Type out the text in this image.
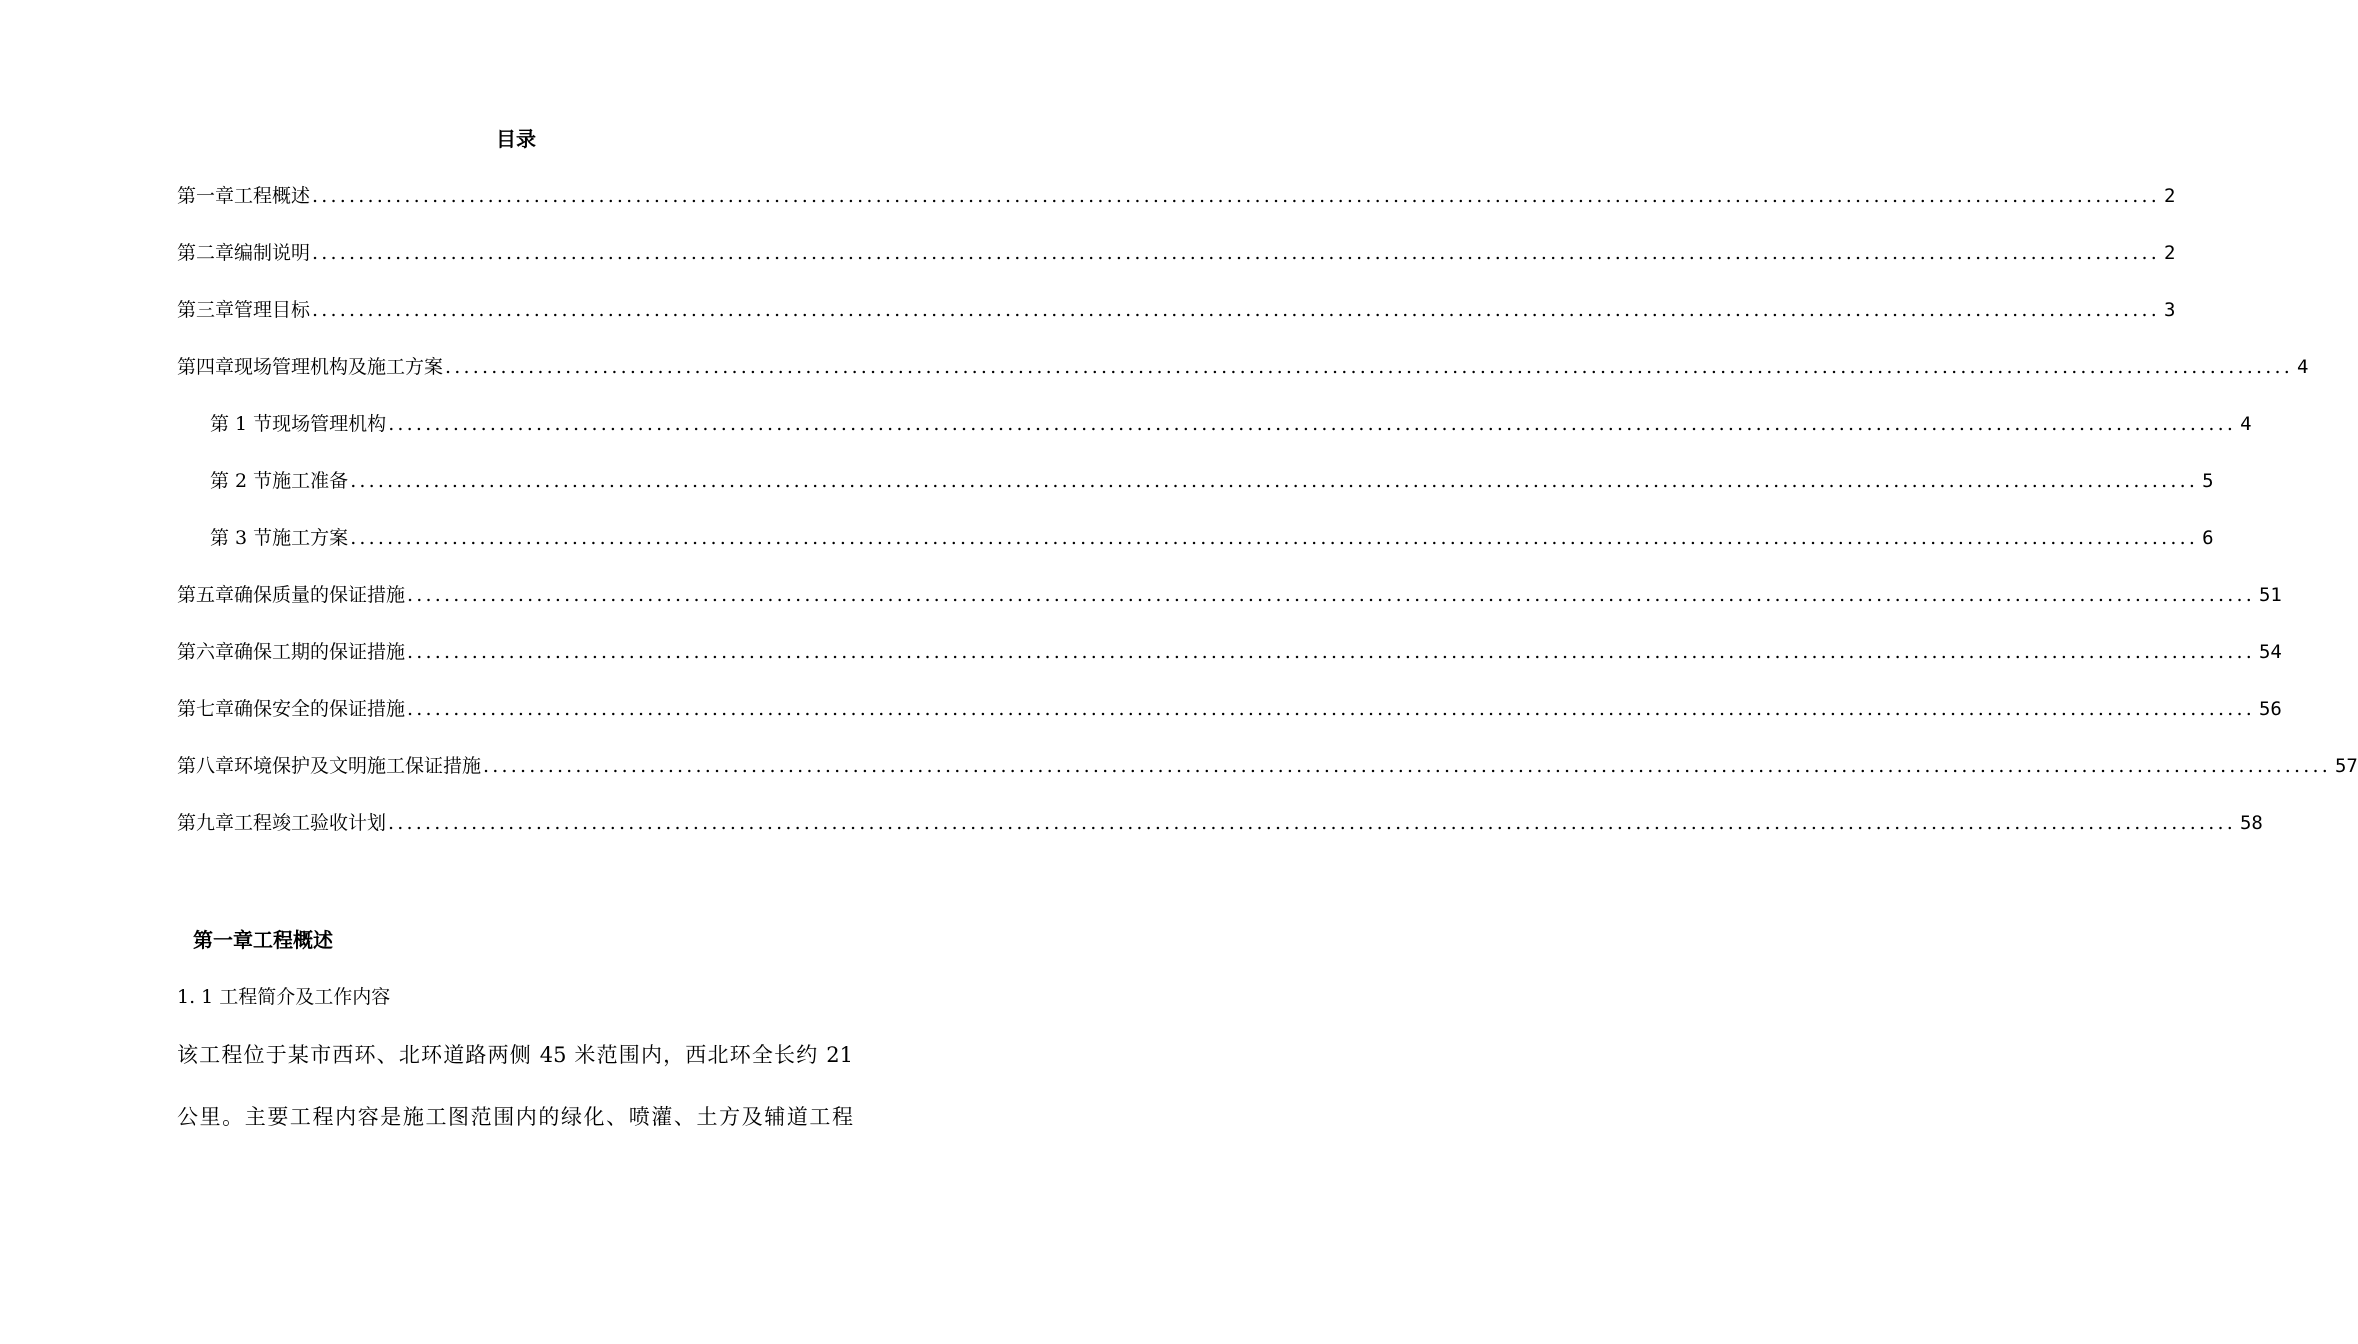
目录
第一章 工程概述 ........................................................................................................................................................................................................ 2
第二章 编制说明 ........................................................................................................................................................................................................ 2
第三章 管理目标 ........................................................................................................................................................................................................ 3
第四章 现场管理机构及施工方案 ........................................................................................................................................................................................................ 4
第 1 节 现场管理机构 ........................................................................................................................................................................................................ 4
第 2 节 施工准备 ........................................................................................................................................................................................................ 5
第 3 节 施工方案 ........................................................................................................................................................................................................ 6
第五章 确保质量的保证措施 ........................................................................................................................................................................................................ 51
第六章 确保工期的保证措施 ........................................................................................................................................................................................................ 54
第七章 确保安全的保证措施 ........................................................................................................................................................................................................ 56
第八章 环境保护及文明施工保证措施 ........................................................................................................................................................................................................ 57
第九章 工程竣工验收计划 ........................................................................................................................................................................................................ 58
第一章工程概述
1. 1 工程简介及工作内容
该工程位于某市西环、北环道路两侧 45 米范围内，西北环全长约 21
公里。主要工程内容是施工图范围内的绿化、喷灌、土方及辅道工程
